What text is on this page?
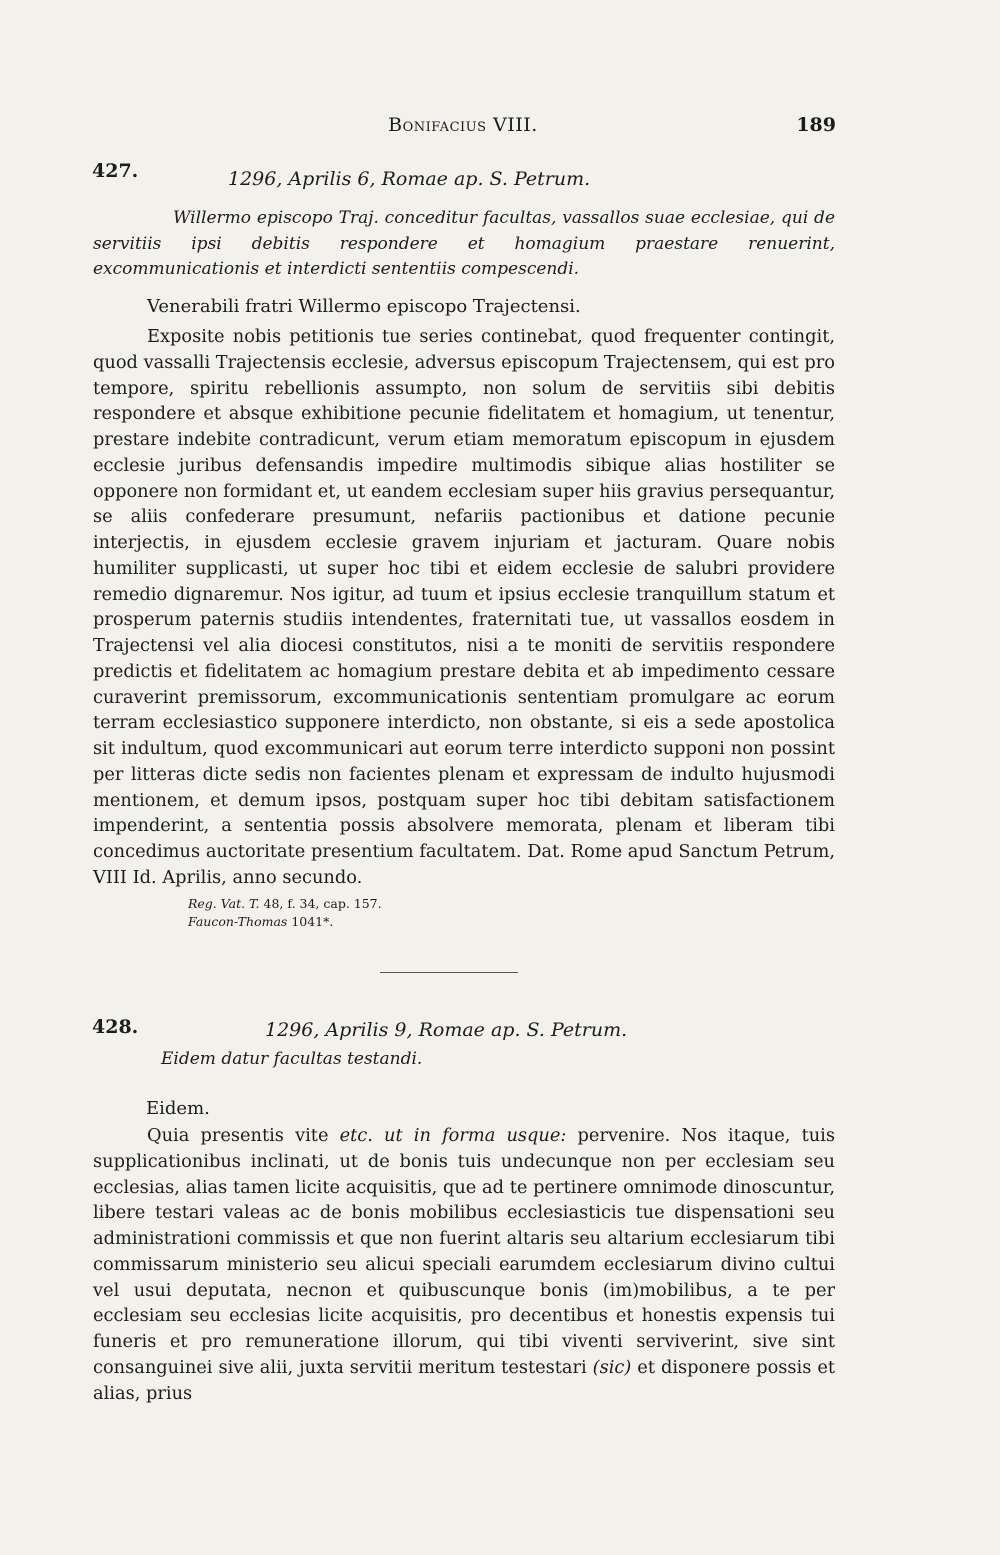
Bonifacius VIII.	189
427.	1296, Aprilis 6, Romae ap. S. Petrum.
Willermo episcopo Traj. conceditur facultas, vassallos suae ecclesiae, qui de servitiis ipsi debitis respondere et homagium praestare renuerint, excommunicationis et interdicti sententiis compescendi.
Venerabili fratri Willermo episcopo Trajectensi.

Exposite nobis petitionis tue series continebat, quod frequenter contingit, quod vassalli Trajectensis ecclesie, adversus episcopum Trajectensem, qui est pro tempore, spiritu rebellionis assumpto, non solum de servitiis sibi debitis respondere et absque exhibitione pecunie fidelitatem et homagium, ut tenentur, prestare indebite contradicunt, verum etiam memoratum episcopum in ejusdem ecclesie juribus defensandis impedire multimodis sibique alias hostiliter se opponere non formidant et, ut eandem ecclesiam super hiis gravius persequantur, se aliis confederare presumunt, nefariis pactionibus et datione pecunie interjectis, in ejusdem ecclesie gravem injuriam et jacturam. Quare nobis humiliter supplicasti, ut super hoc tibi et eidem ecclesie de salubri providere remedio dignaremur. Nos igitur, ad tuum et ipsius ecclesie tranquillum statum et prosperum paternis studiis intendentes, fraternitati tue, ut vassallos eosdem in Trajectensi vel alia diocesi constitutos, nisi a te moniti de servitiis respondere predictis et fidelitatem ac homagium prestare debita et ab impedimento cessare curaverint premissorum, excommunicationis sententiam promulgare ac eorum terram ecclesiastico supponere interdicto, non obstante, si eis a sede apostolica sit indultum, quod excommunicari aut eorum terre interdicto supponi non possint per litteras dicte sedis non facientes plenam et expressam de indulto hujusmodi mentionem, et demum ipsos, postquam super hoc tibi debitam satisfactionem impenderint, a sententia possis absolvere memorata, plenam et liberam tibi concedimus auctoritate presentium facultatem. Dat. Rome apud Sanctum Petrum, VIII Id. Aprilis, anno secundo.

Reg. Vat. T. 48, f. 34, cap. 157.
Faucon-Thomas 1041*.
428.	1296, Aprilis 9, Romae ap. S. Petrum.
Eidem datur facultas testandi.
Eidem.

Quia presentis vite etc. ut in forma usque: pervenire. Nos itaque, tuis supplicationibus inclinati, ut de bonis tuis undecunque non per ecclesiam seu ecclesias, alias tamen licite acquisitis, que ad te pertinere omnimode dinoscuntur, libere testari valeas ac de bonis mobilibus ecclesiasticis tue dispensationi seu administrationi commissis et que non fuerint altaris seu altarium ecclesiarum tibi commissarum ministerio seu alicui speciali earumdem ecclesiarum divino cultui vel usui deputata, necnon et quibuscunque bonis (im)mobilibus, a te per ecclesiam seu ecclesias licite acquisitis, pro decentibus et honestis expensis tui funeris et pro remuneratione illorum, qui tibi viventi serviverint, sive sint consanguinei sive alii, juxta servitii meritum testestari (sic) et disponere possis et alias, prius
